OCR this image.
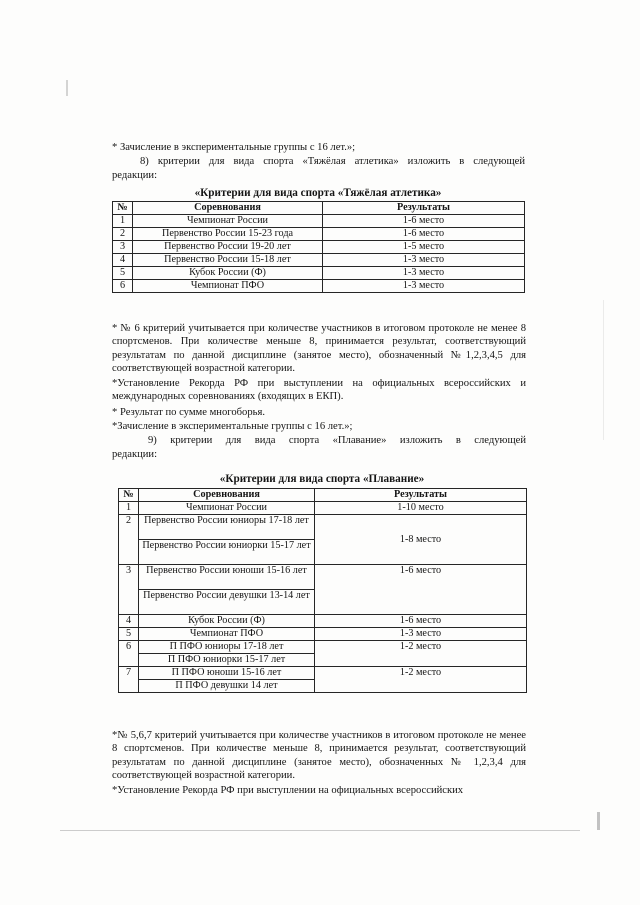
* Зачисление в экспериментальные группы с 16 лет.»;
8) критерии для вида спорта «Тяжёлая атлетика» изложить в следующей
редакции:
«Критерии для вида спорта «Тяжёлая атлетика»
№	Соревнования	Результаты
1	Чемпионат России	1-6 место
2	Первенство России 15-23 года	1-6 место
3	Первенство России 19-20 лет	1-5 место
4	Первенство России 15-18 лет	1-3 место
5	Кубок России (Ф)	1-3 место
6	Чемпионат ПФО	1-3 место
* № 6 критерий учитывается при количестве участников в итоговом протоколе не менее 8 спортсменов. При количестве меньше 8, принимается результат, соответствующий результатам по данной дисциплине (занятое место), обозначенный №1,2,3,4,5 для соответствующей возрастной категории.
*Установление Рекорда РФ при выступлении на официальных всероссийских и международных соревнованиях (входящих в ЕКП).
* Результат по сумме многоборья.
*Зачисление в экспериментальные группы с 16 лет.»;
9) критерии для вида спорта «Плавание» изложить в следующей
редакции:
«Критерии для вида спорта «Плавание»
№	Соревнования	Результаты
1	Чемпионат России	1-10 место
2	Первенство России юниоры 17-18 лет	1-8 место
	Первенство России юниорки 15-17 лет	
3	Первенство России юноши 15-16 лет	1-6 место
	Первенство России девушки 13-14 лет	
4	Кубок России (Ф)	1-6 место
5	Чемпионат ПФО	1-3 место
6	П ПФО юниоры 17-18 лет	1-2 место
	П ПФО юниорки 15-17 лет	
7	П ПФО юноши 15-16 лет	1-2 место
	П ПФО девушки 14 лет	
*№ 5,6,7 критерий учитывается при количестве участников в итоговом протоколе не менее 8 спортсменов. При количестве меньше 8, принимается результат, соответствующий результатам по данной дисциплине (занятое место), обозначенных № 1,2,3,4 для соответствующей возрастной категории.
*Установление Рекорда РФ при выступлении на официальных всероссийских
